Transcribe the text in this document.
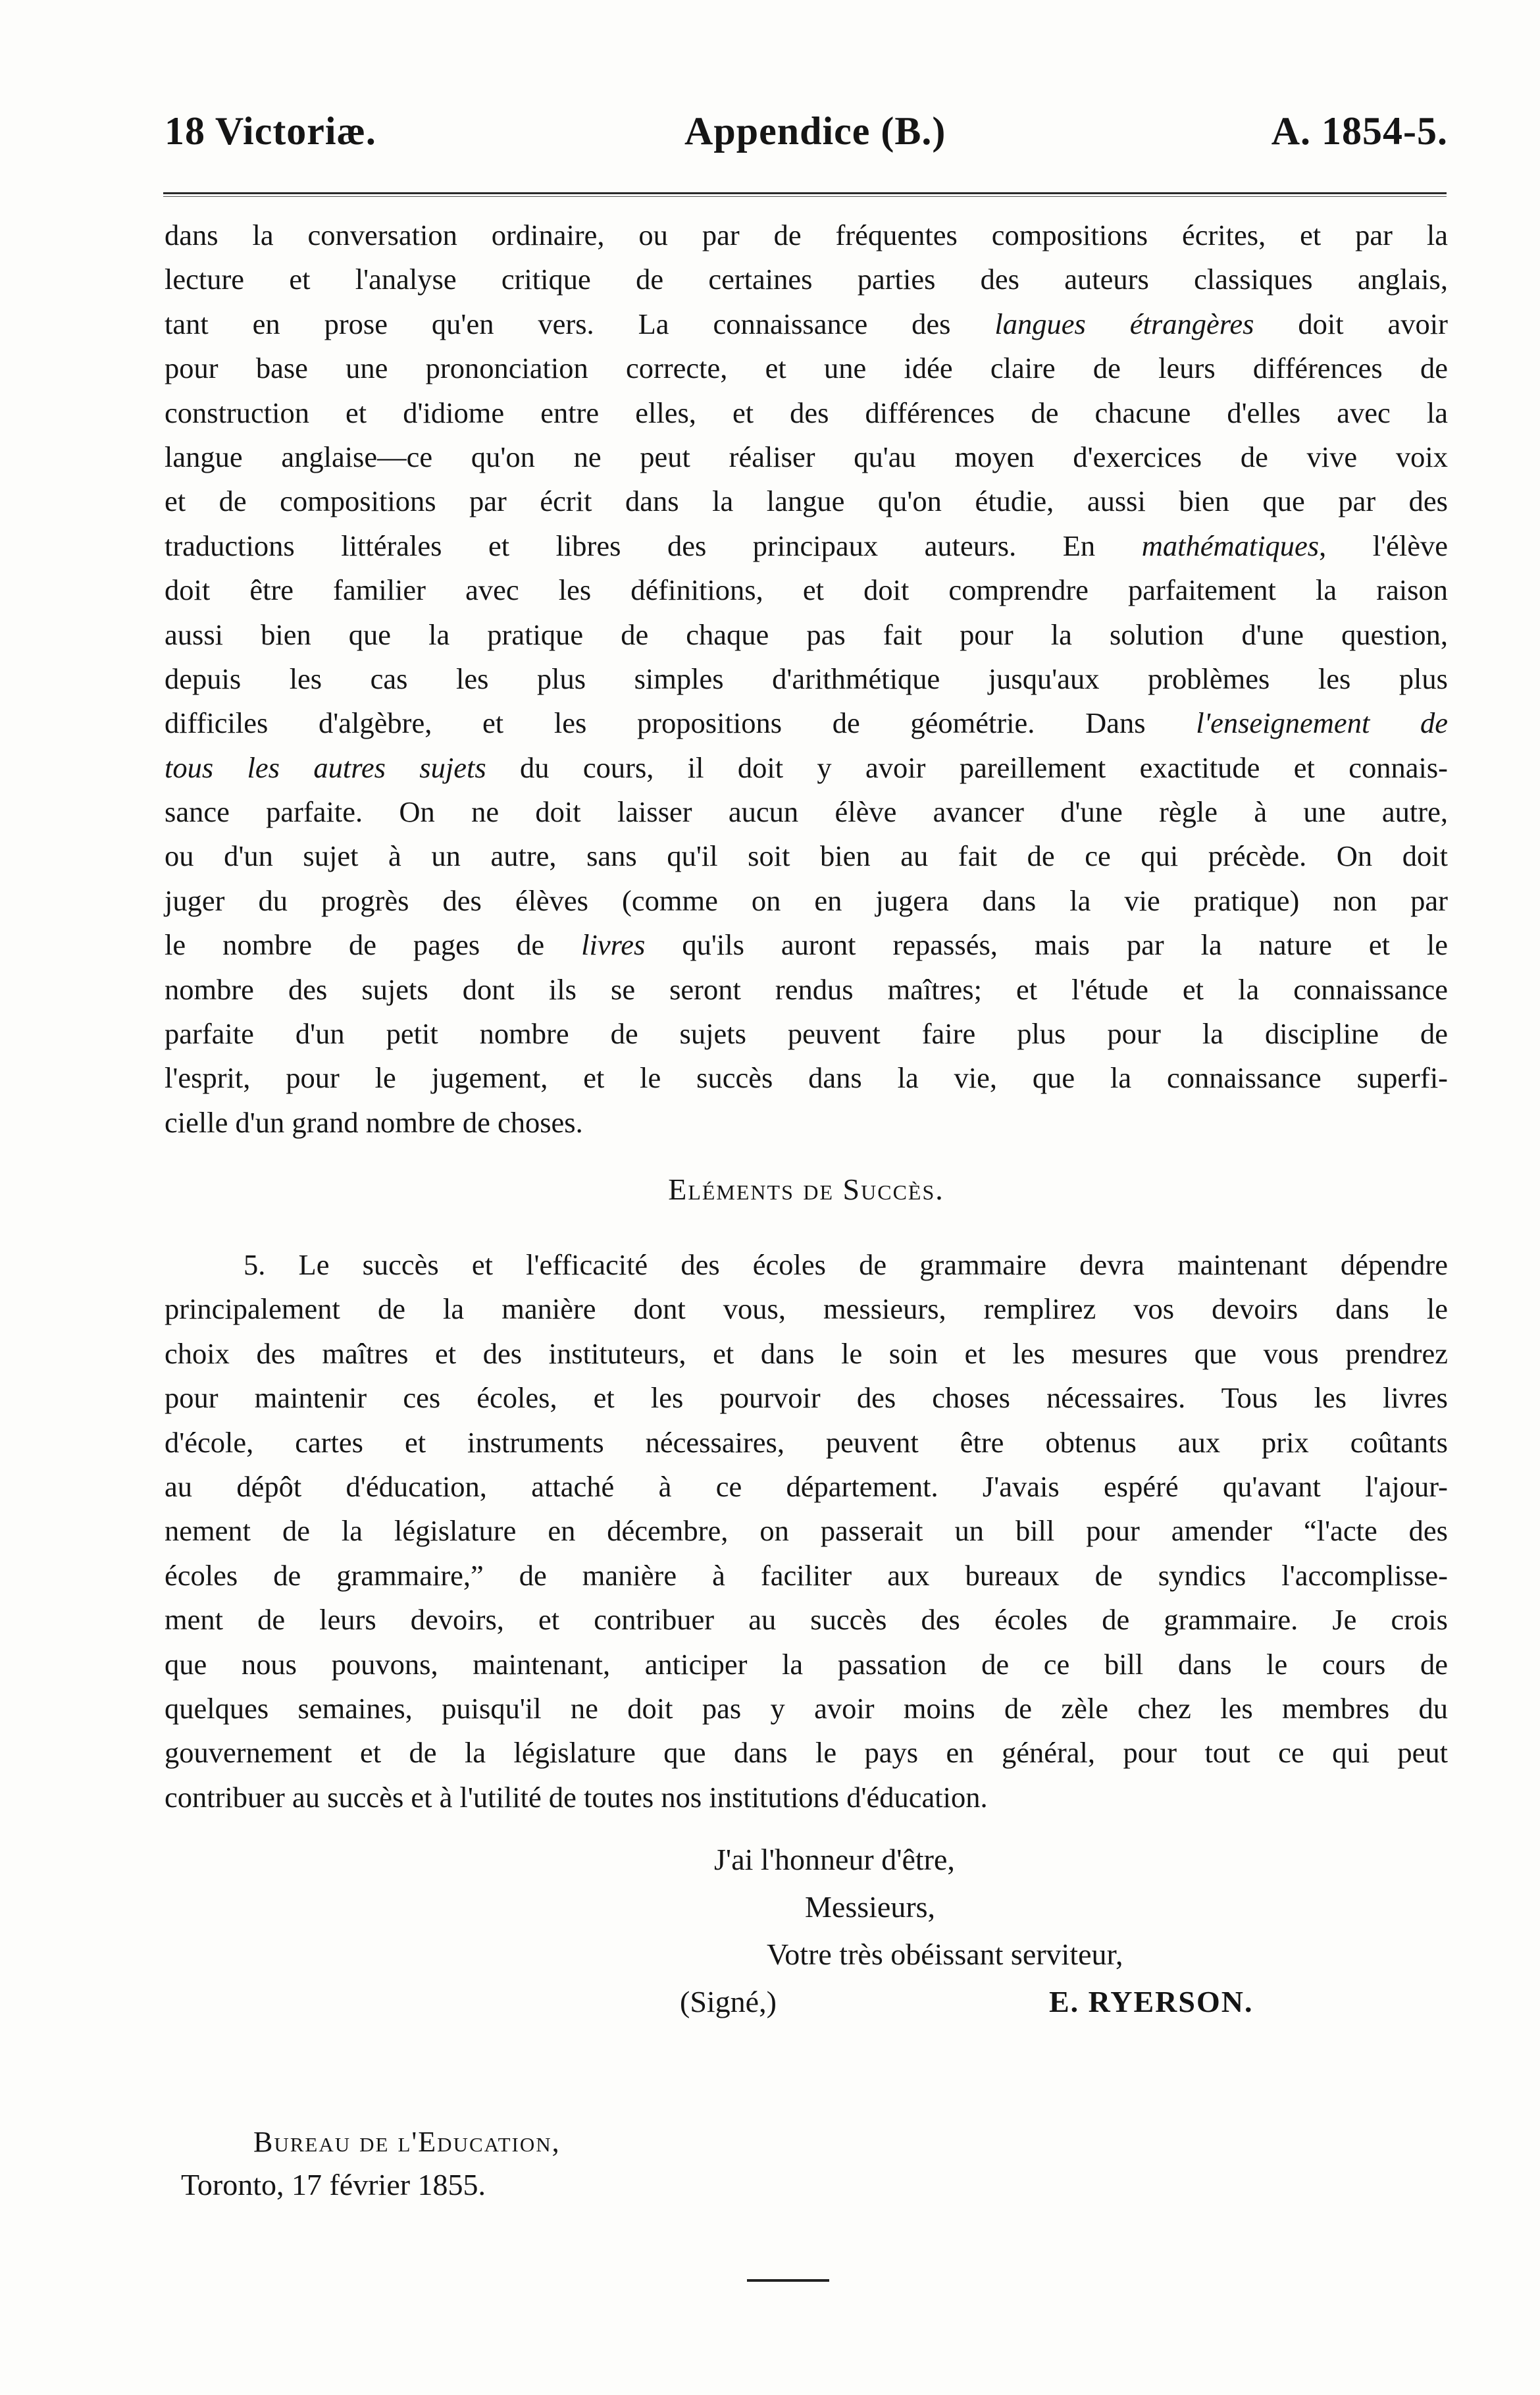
18 Victoriæ.	Appendice (B.)	A. 1854-5.
dans la conversation ordinaire, ou par de fréquentes compositions écrites, et par la
lecture et l'analyse critique de certaines parties des auteurs classiques anglais,
tant en prose qu'en vers. La connaissance des langues étrangères doit avoir
pour base une prononciation correcte, et une idée claire de leurs différences de
construction et d'idiome entre elles, et des différences de chacune d'elles avec la
langue anglaise—ce qu'on ne peut réaliser qu'au moyen d'exercices de vive voix
et de compositions par écrit dans la langue qu'on étudie, aussi bien que par des
traductions littérales et libres des principaux auteurs. En mathématiques, l'élève
doit être familier avec les définitions, et doit comprendre parfaitement la raison
aussi bien que la pratique de chaque pas fait pour la solution d'une question,
depuis les cas les plus simples d'arithmétique jusqu'aux problèmes les plus
difficiles d'algèbre, et les propositions de géométrie. Dans l'enseignement de
tous les autres sujets du cours, il doit y avoir pareillement exactitude et connais-
sance parfaite. On ne doit laisser aucun élève avancer d'une règle à une autre,
ou d'un sujet à un autre, sans qu'il soit bien au fait de ce qui précède. On doit
juger du progrès des élèves (comme on en jugera dans la vie pratique) non par
le nombre de pages de livres qu'ils auront repassés, mais par la nature et le
nombre des sujets dont ils se seront rendus maîtres; et l'étude et la connaissance
parfaite d'un petit nombre de sujets peuvent faire plus pour la discipline de
l'esprit, pour le jugement, et le succès dans la vie, que la connaissance superfi-
cielle d'un grand nombre de choses.
Eléments de Succès.
5. Le succès et l'efficacité des écoles de grammaire devra maintenant dépendre
principalement de la manière dont vous, messieurs, remplirez vos devoirs dans le
choix des maîtres et des instituteurs, et dans le soin et les mesures que vous prendrez
pour maintenir ces écoles, et les pourvoir des choses nécessaires. Tous les livres
d'école, cartes et instruments nécessaires, peuvent être obtenus aux prix coûtants
au dépôt d'éducation, attaché à ce département. J'avais espéré qu'avant l'ajour-
nement de la législature en décembre, on passerait un bill pour amender “l'acte des
écoles de grammaire,” de manière à faciliter aux bureaux de syndics l'accomplisse-
ment de leurs devoirs, et contribuer au succès des écoles de grammaire. Je crois
que nous pouvons, maintenant, anticiper la passation de ce bill dans le cours de
quelques semaines, puisqu'il ne doit pas y avoir moins de zèle chez les membres du
gouvernement et de la législature que dans le pays en général, pour tout ce qui peut
contribuer au succès et à l'utilité de toutes nos institutions d'éducation.
J'ai l'honneur d'être,
Messieurs,
Votre très obéissant serviteur,
(Signé,)	E. RYERSON.
Bureau de l'Education,
Toronto, 17 février 1855.
